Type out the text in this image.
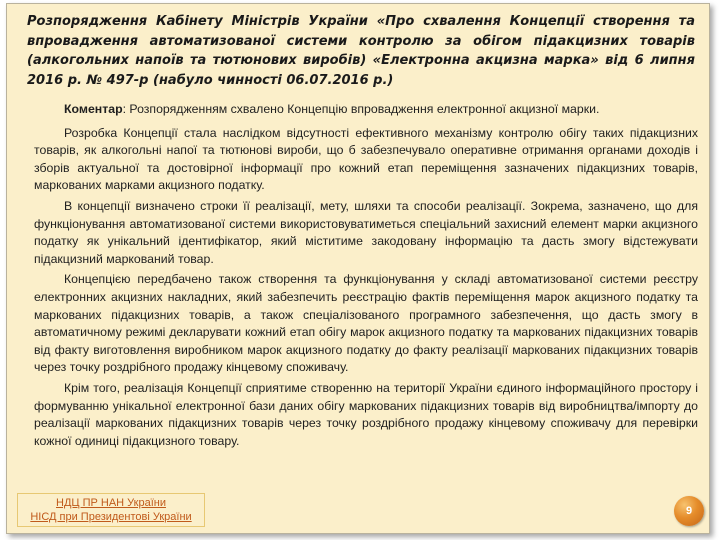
Розпорядження Кабінету Міністрів України «Про схвалення Концепції створення та впровадження автоматизованої системи контролю за обігом підакцизних товарів (алкогольних напоїв та тютюнових виробів) «Електронна акцизна марка» від 6 липня 2016 р. № 497-р (набуло чинності 06.07.2016 р.)

Коментар: Розпорядженням схвалено Концепцію впровадження електронної акцизної марки.

Розробка Концепції стала наслідком відсутності ефективного механізму контролю обігу таких підакцизних товарів, як алкогольні напої та тютюнові вироби, що б забезпечувало оперативне отримання органами доходів і зборів актуальної та достовірної інформації про кожний етап переміщення зазначених підакцизних товарів, маркованих марками акцизного податку.

В концепції визначено строки її реалізації, мету, шляхи та способи реалізації. Зокрема, зазначено, що для функціонування автоматизованої системи використовуватиметься спеціальний захисний елемент марки акцизного податку як унікальний ідентифікатор, який міститиме закодовану інформацію та дасть змогу відстежувати підакцизний маркований товар.

Концепцією передбачено також створення та функціонування у складі автоматизованої системи реєстру електронних акцизних накладних, який забезпечить реєстрацію фактів переміщення марок акцизного податку та маркованих підакцизних товарів, а також спеціалізованого програмного забезпечення, що дасть змогу в автоматичному режимі декларувати кожний етап обігу марок акцизного податку та маркованих підакцизних товарів від факту виготовлення виробником марок акцизного податку до факту реалізації маркованих підакцизних товарів через точку роздрібного продажу кінцевому споживачу.

Крім того, реалізація Концепції сприятиме створенню на території України єдиного інформаційного простору і формуванню унікальної електронної бази даних обігу маркованих підакцизних товарів від виробництва/імпорту до реалізації маркованих підакцизних товарів через точку роздрібного продажу кінцевому споживачу для перевірки кожної одиниці підакцизного товару.

НДЦ ПР НАН України
НІСД при Президентові України	9
